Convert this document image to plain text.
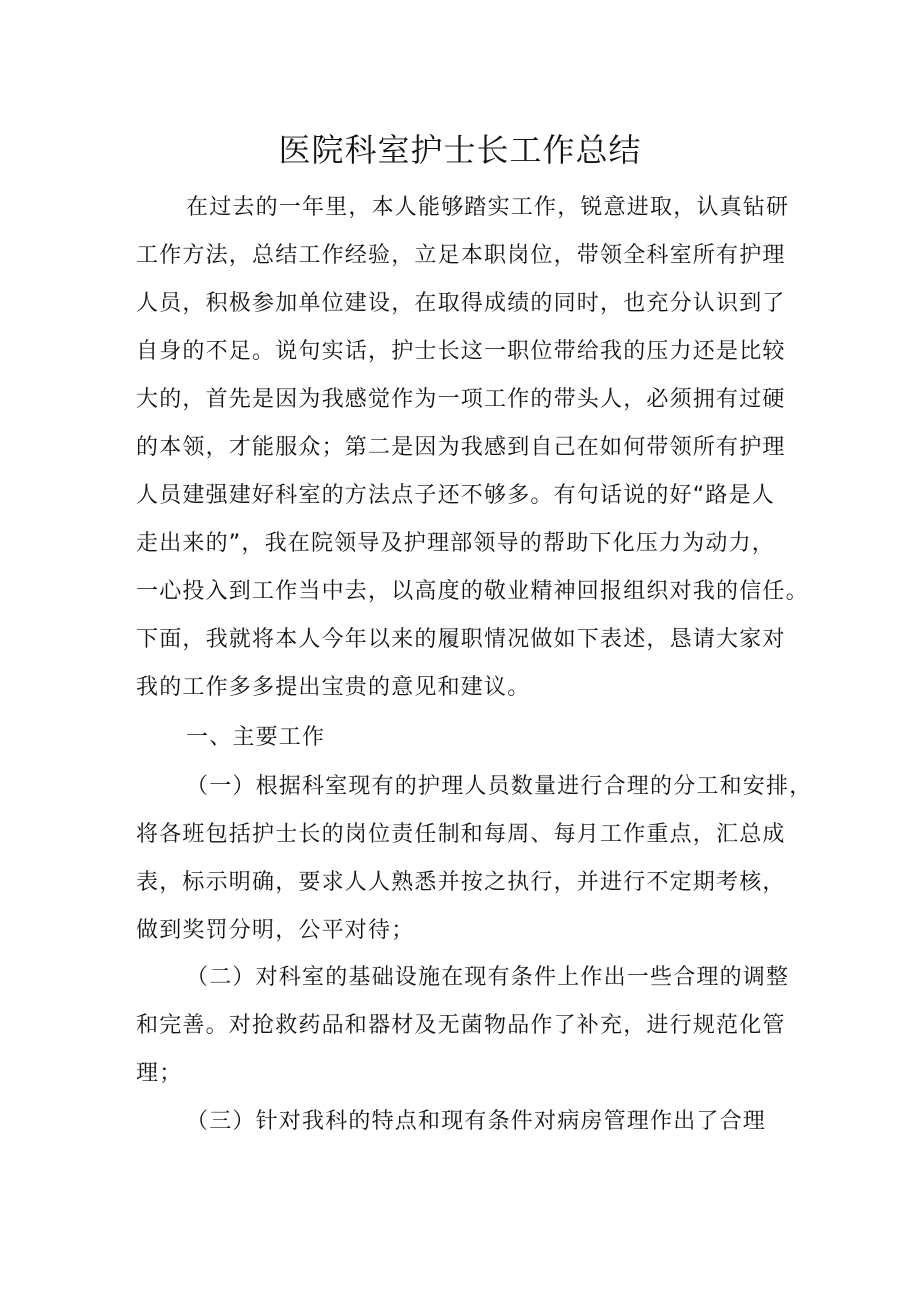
医院科室护士长工作总结
在过去的一年里，本人能够踏实工作，锐意进取，认真钻研
工作方法，总结工作经验，立足本职岗位，带领全科室所有护理
人员，积极参加单位建设，在取得成绩的同时，也充分认识到了
自身的不足。说句实话，护士长这一职位带给我的压力还是比较
大的，首先是因为我感觉作为一项工作的带头人，必须拥有过硬
的本领，才能服众；第二是因为我感到自己在如何带领所有护理
人员建强建好科室的方法点子还不够多。有句话说的好“路是人
走出来的”，我在院领导及护理部领导的帮助下化压力为动力，
一心投入到工作当中去，以高度的敬业精神回报组织对我的信任。
下面，我就将本人今年以来的履职情况做如下表述，恳请大家对
我的工作多多提出宝贵的意见和建议。
一、主要工作
（一）根据科室现有的护理人员数量进行合理的分工和安排，
将各班包括护士长的岗位责任制和每周、每月工作重点，汇总成
表，标示明确，要求人人熟悉并按之执行，并进行不定期考核，
做到奖罚分明，公平对待；
（二）对科室的基础设施在现有条件上作出一些合理的调整
和完善。对抢救药品和器材及无菌物品作了补充，进行规范化管
理；
（三）针对我科的特点和现有条件对病房管理作出了合理
